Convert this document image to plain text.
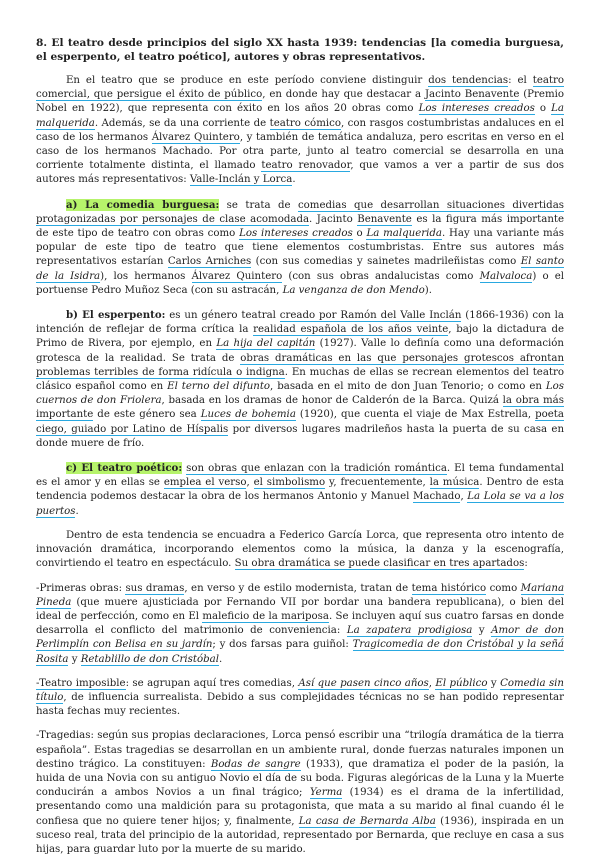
8. El teatro desde principios del siglo XX hasta 1939: tendencias [la comedia burguesa, el esperpento, el teatro poético], autores y obras representativos.

En el teatro que se produce en este período conviene distinguir dos tendencias: el teatro comercial, que persigue el éxito de público, en donde hay que destacar a Jacinto Benavente (Premio Nobel en 1922), que representa con éxito en los años 20 obras como Los intereses creados o La malquerida. Además, se da una corriente de teatro cómico, con rasgos costumbristas andaluces en el caso de los hermanos Álvarez Quintero, y también de temática andaluza, pero escritas en verso en el caso de los hermanos Machado. Por otra parte, junto al teatro comercial se desarrolla en una corriente totalmente distinta, el llamado teatro renovador, que vamos a ver a partir de sus dos autores más representativos: Valle-Inclán y Lorca.

a) La comedia burguesa: se trata de comedias que desarrollan situaciones divertidas protagonizadas por personajes de clase acomodada. Jacinto Benavente es la figura más importante de este tipo de teatro con obras como Los intereses creados o La malquerida. Hay una variante más popular de este tipo de teatro que tiene elementos costumbristas. Entre sus autores más representativos estarían Carlos Arniches (con sus comedias y sainetes madrileñistas como El santo de la Isidra), los hermanos Álvarez Quintero (con sus obras andalucistas como Malvaloca) o el portuense Pedro Muñoz Seca (con su astracán, La venganza de don Mendo).

b) El esperpento: es un género teatral creado por Ramón del Valle Inclán (1866-1936) con la intención de reflejar de forma crítica la realidad española de los años veinte, bajo la dictadura de Primo de Rivera, por ejemplo, en La hija del capitán (1927). Valle lo definía como una deformación grotesca de la realidad. Se trata de obras dramáticas en las que personajes grotescos afrontan problemas terribles de forma ridícula o indigna. En muchas de ellas se recrean elementos del teatro clásico español como en El terno del difunto, basada en el mito de don Juan Tenorio; o como en Los cuernos de don Friolera, basada en los dramas de honor de Calderón de la Barca. Quizá la obra más importante de este género sea Luces de bohemia (1920), que cuenta el viaje de Max Estrella, poeta ciego, guiado por Latino de Híspalis por diversos lugares madrileños hasta la puerta de su casa en donde muere de frío.

c) El teatro poético: son obras que enlazan con la tradición romántica. El tema fundamental es el amor y en ellas se emplea el verso, el simbolismo y, frecuentemente, la música. Dentro de esta tendencia podemos destacar la obra de los hermanos Antonio y Manuel Machado, La Lola se va a los puertos.

Dentro de esta tendencia se encuadra a Federico García Lorca, que representa otro intento de innovación dramática, incorporando elementos como la música, la danza y la escenografía, convirtiendo el teatro en espectáculo. Su obra dramática se puede clasificar en tres apartados:

-Primeras obras: sus dramas, en verso y de estilo modernista, tratan de tema histórico como Mariana Pineda (que muere ajusticiada por Fernando VII por bordar una bandera republicana), o bien del ideal de perfección, como en El maleficio de la mariposa. Se incluyen aquí sus cuatro farsas en donde desarrolla el conflicto del matrimonio de conveniencia: La zapatera prodigiosa y Amor de don Perlimplín con Belisa en su jardín; y dos farsas para guiñol: Tragicomedia de don Cristóbal y la señá Rosita y Retablillo de don Cristóbal.

-Teatro imposible: se agrupan aquí tres comedias, Así que pasen cinco años, El público y Comedia sin título, de influencia surrealista. Debido a sus complejidades técnicas no se han podido representar hasta fechas muy recientes.

-Tragedias: según sus propias declaraciones, Lorca pensó escribir una “trilogía dramática de la tierra española”. Estas tragedias se desarrollan en un ambiente rural, donde fuerzas naturales imponen un destino trágico. La constituyen: Bodas de sangre (1933), que dramatiza el poder de la pasión, la huida de una Novia con su antiguo Novio el día de su boda. Figuras alegóricas de la Luna y la Muerte conducirán a ambos Novios a un final trágico; Yerma (1934) es el drama de la infertilidad, presentando como una maldición para su protagonista, que mata a su marido al final cuando él le confiesa que no quiere tener hijos; y, finalmente, La casa de Bernarda Alba (1936), inspirada en un suceso real, trata del principio de la autoridad, representado por Bernarda, que recluye en casa a sus hijas, para guardar luto por la muerte de su marido.
